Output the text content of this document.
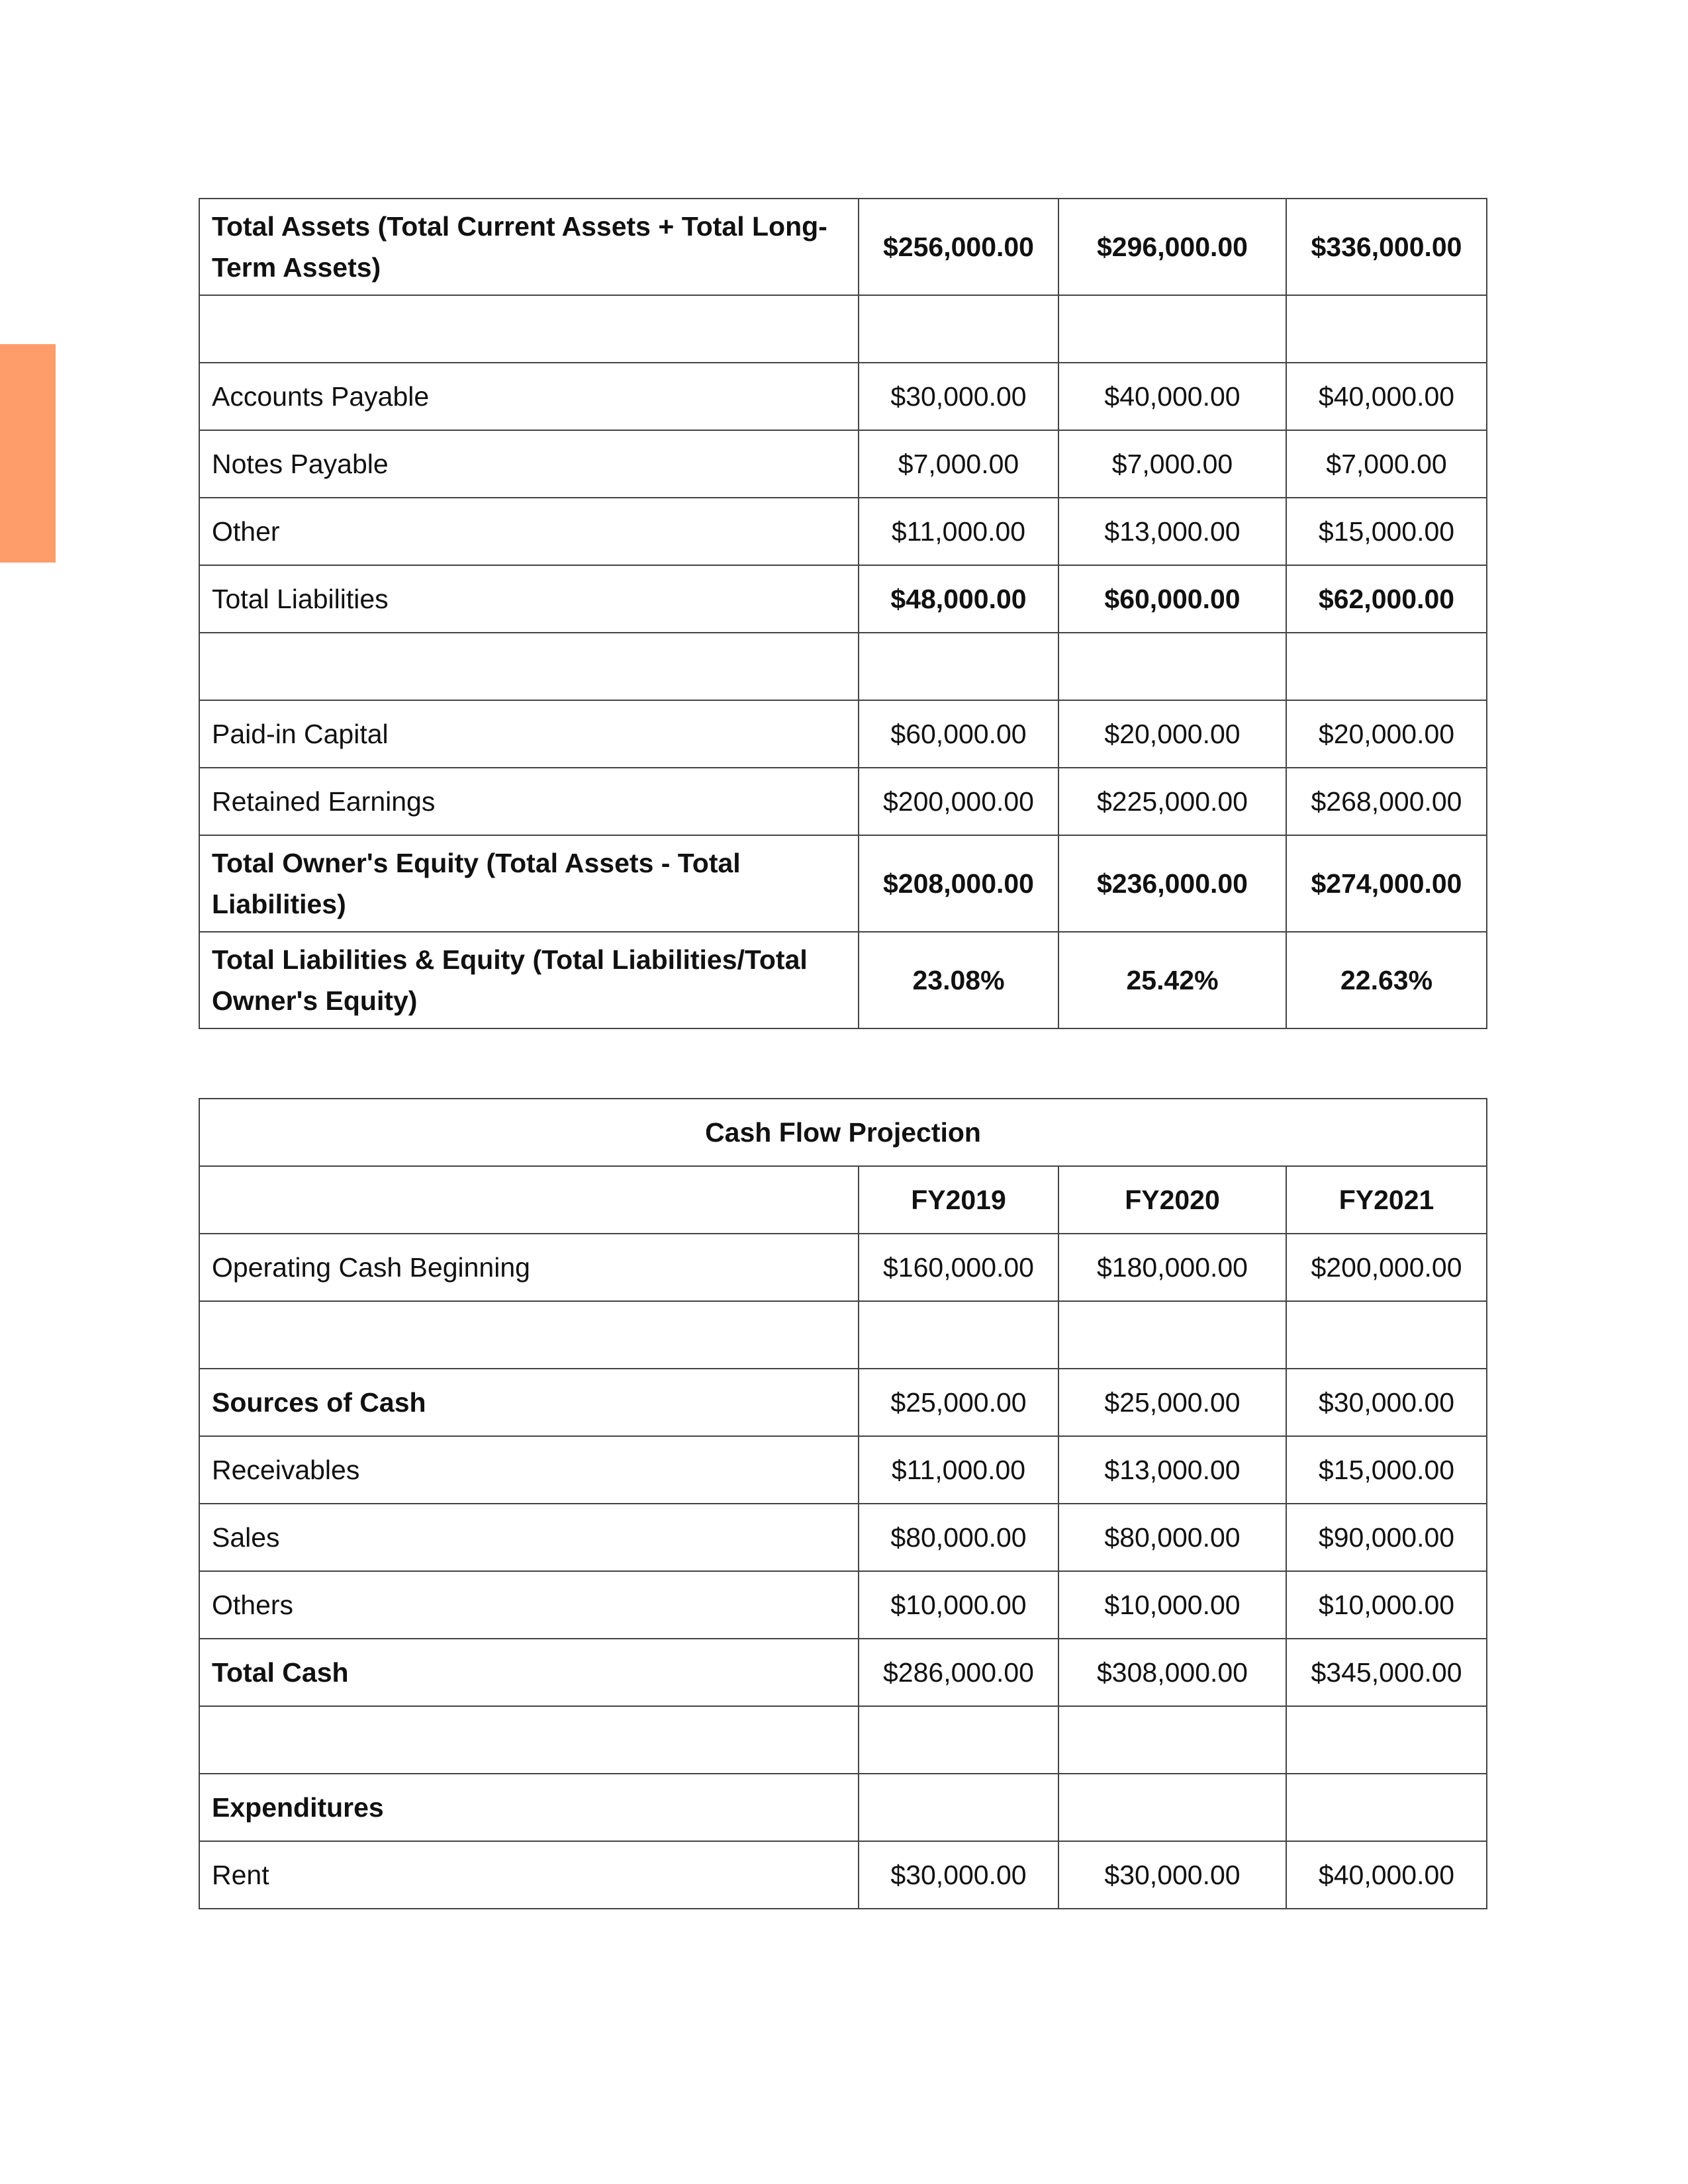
Total Assets (Total Current Assets + Total Long-Term Assets)	$256,000.00	$296,000.00	$336,000.00

Accounts Payable	$30,000.00	$40,000.00	$40,000.00
Notes Payable	$7,000.00	$7,000.00	$7,000.00
Other	$11,000.00	$13,000.00	$15,000.00
Total Liabilities	$48,000.00	$60,000.00	$62,000.00

Paid-in Capital	$60,000.00	$20,000.00	$20,000.00
Retained Earnings	$200,000.00	$225,000.00	$268,000.00
Total Owner's Equity (Total Assets - Total Liabilities)	$208,000.00	$236,000.00	$274,000.00
Total Liabilities & Equity (Total Liabilities/Total Owner's Equity)	23.08%	25.42%	22.63%
Cash Flow Projection			
	FY2019	FY2020	FY2021
Operating Cash Beginning	$160,000.00	$180,000.00	$200,000.00

Sources of Cash	$25,000.00	$25,000.00	$30,000.00
Receivables	$11,000.00	$13,000.00	$15,000.00
Sales	$80,000.00	$80,000.00	$90,000.00
Others	$10,000.00	$10,000.00	$10,000.00
Total Cash	$286,000.00	$308,000.00	$345,000.00

Expenditures			
Rent	$30,000.00	$30,000.00	$40,000.00
